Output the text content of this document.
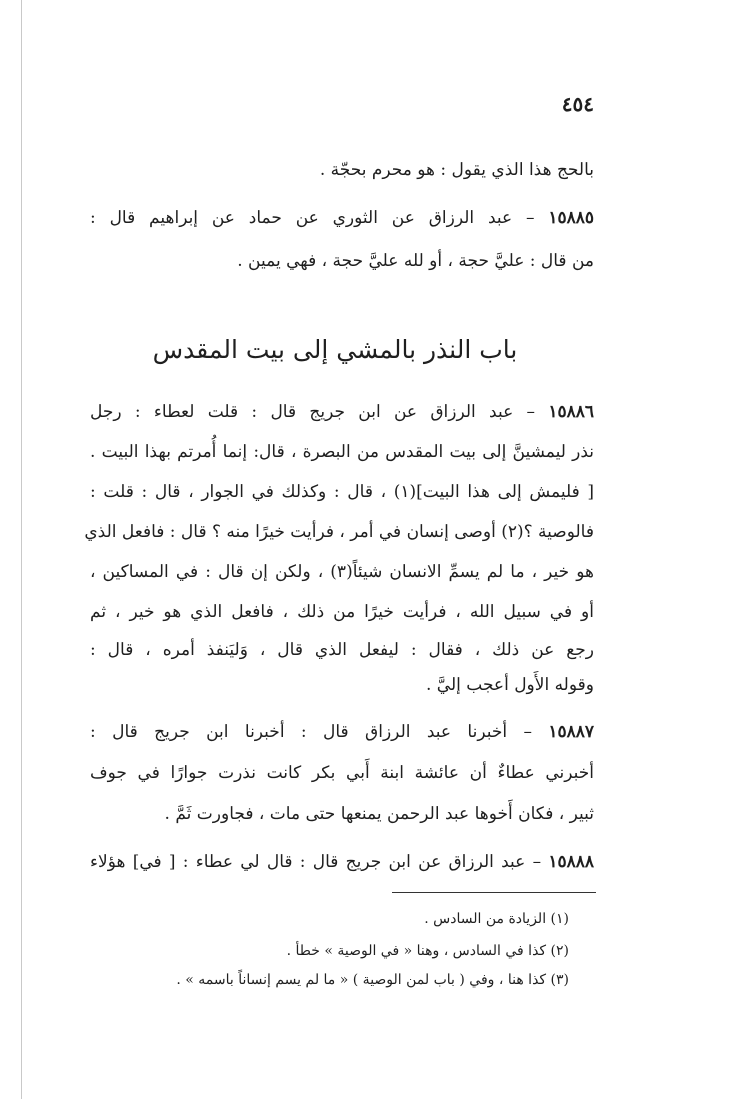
٤٥٤
بالحج هذا الذي يقول : هو محرم بحجّة .
١٥٨٨٥ – عبد الرزاق عن الثوري عن حماد عن إبراهيم قال :
من قال : عليَّ حجة ، أو لله عليَّ حجة ، فهي يمين .
باب النذر بالمشي إلى بيت المقدس
١٥٨٨٦ – عبد الرزاق عن ابن جريج قال : قلت لعطاء : رجل
نذر ليمشينَّ إلى بيت المقدس من البصرة ، قال: إنما أُمرتم بهذا البيت .
[ فليمش إلى هذا البيت](١) ، قال : وكذلك في الجوار ، قال : قلت :
فالوصية ؟(٢) أوصى إنسان في أمر ، فرأيت خيرًا منه ؟ قال : فافعل الذي
هو خير ، ما لم يسمِّ الانسان شيئاً(٣) ، ولكن إن قال : في المساكين ،
أو في سبيل الله ، فرأيت خيرًا من ذلك ، فافعل الذي هو خير ، ثم
رجع عن ذلك ، فقال : ليفعل الذي قال ، وَليَنفذ أمره ، قال :
وقوله الأَول أعجب إليَّ .
١٥٨٨٧ – أخبرنا عبد الرزاق قال : أخبرنا ابن جريج قال :
أخبرني عطاءٌ أن عائشة ابنة أَبي بكر كانت نذرت جوارًا في جوف
ثبير ، فكان أَخوها عبد الرحمن يمنعها حتى مات ، فجاورت ثَمَّ .
١٥٨٨٨ – عبد الرزاق عن ابن جريج قال : قال لي عطاء : [ في] هؤلاء
(١) الزيادة من السادس .
(٢) كذا في السادس ، وهنا « في الوصية » خطأ .
(٣) كذا هنا ، وفي ( باب لمن الوصية ) « ما لم يسم إنساناً باسمه » .
